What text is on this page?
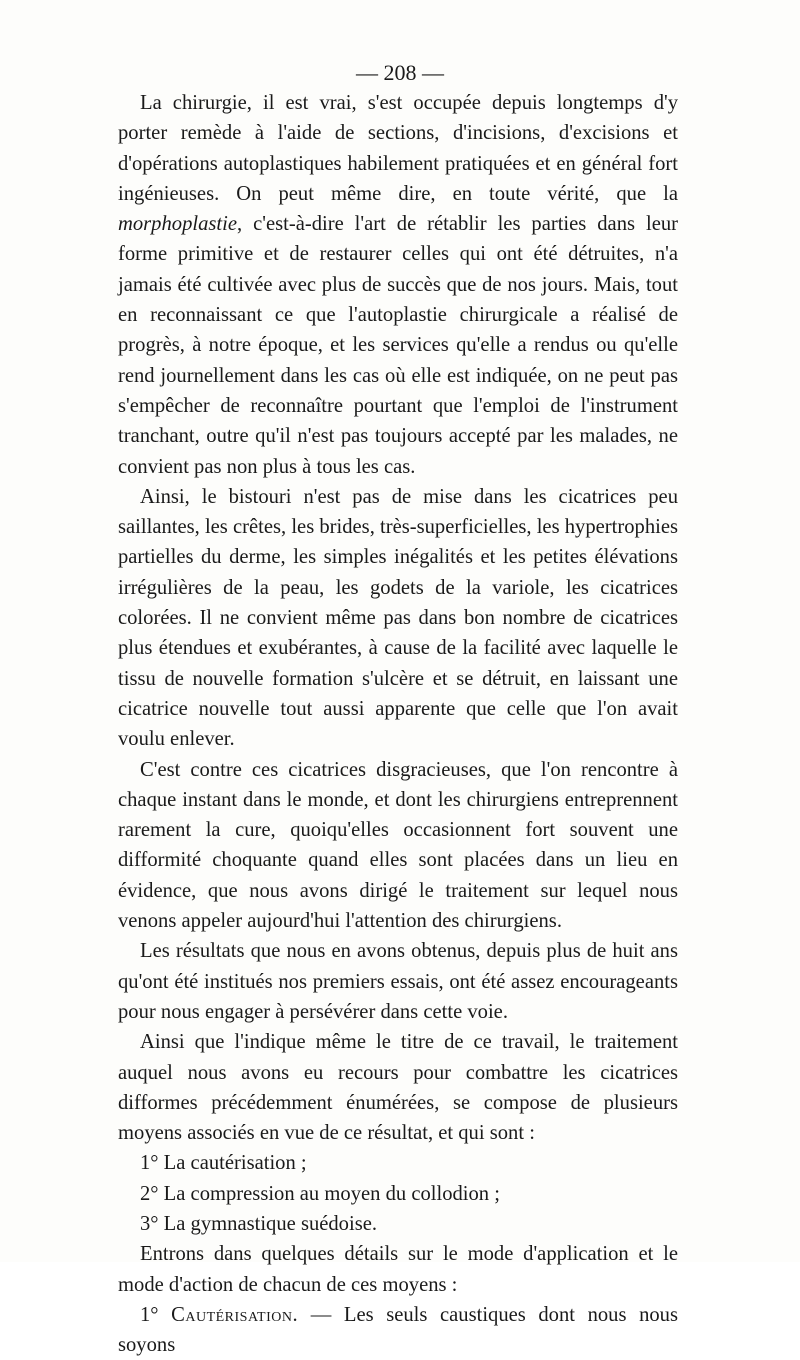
— 208 —

La chirurgie, il est vrai, s'est occupée depuis longtemps d'y porter remède à l'aide de sections, d'incisions, d'excisions et d'opérations autoplastiques habilement pratiquées et en général fort ingénieuses. On peut même dire, en toute vérité, que la morphoplastie, c'est-à-dire l'art de rétablir les parties dans leur forme primitive et de restaurer celles qui ont été détruites, n'a jamais été cultivée avec plus de succès que de nos jours. Mais, tout en reconnaissant ce que l'autoplastie chirurgicale a réalisé de progrès, à notre époque, et les services qu'elle a rendus ou qu'elle rend journellement dans les cas où elle est indiquée, on ne peut pas s'empêcher de reconnaître pourtant que l'emploi de l'instrument tranchant, outre qu'il n'est pas toujours accepté par les malades, ne convient pas non plus à tous les cas.

Ainsi, le bistouri n'est pas de mise dans les cicatrices peu saillantes, les crêtes, les brides, très-superficielles, les hypertrophies partielles du derme, les simples inégalités et les petites élévations irrégulières de la peau, les godets de la variole, les cicatrices colorées. Il ne convient même pas dans bon nombre de cicatrices plus étendues et exubérantes, à cause de la facilité avec laquelle le tissu de nouvelle formation s'ulcère et se détruit, en laissant une cicatrice nouvelle tout aussi apparente que celle que l'on avait voulu enlever.

C'est contre ces cicatrices disgracieuses, que l'on rencontre à chaque instant dans le monde, et dont les chirurgiens entreprennent rarement la cure, quoiqu'elles occasionnent fort souvent une difformité choquante quand elles sont placées dans un lieu en évidence, que nous avons dirigé le traitement sur lequel nous venons appeler aujourd'hui l'attention des chirurgiens.

Les résultats que nous en avons obtenus, depuis plus de huit ans qu'ont été institués nos premiers essais, ont été assez encourageants pour nous engager à persévérer dans cette voie.

Ainsi que l'indique même le titre de ce travail, le traitement auquel nous avons eu recours pour combattre les cicatrices difformes précédemment énumérées, se compose de plusieurs moyens associés en vue de ce résultat, et qui sont :

1° La cautérisation ;

2° La compression au moyen du collodion ;

3° La gymnastique suédoise.

Entrons dans quelques détails sur le mode d'application et le mode d'action de chacun de ces moyens :

1° Cautérisation. — Les seuls caustiques dont nous nous soyons
